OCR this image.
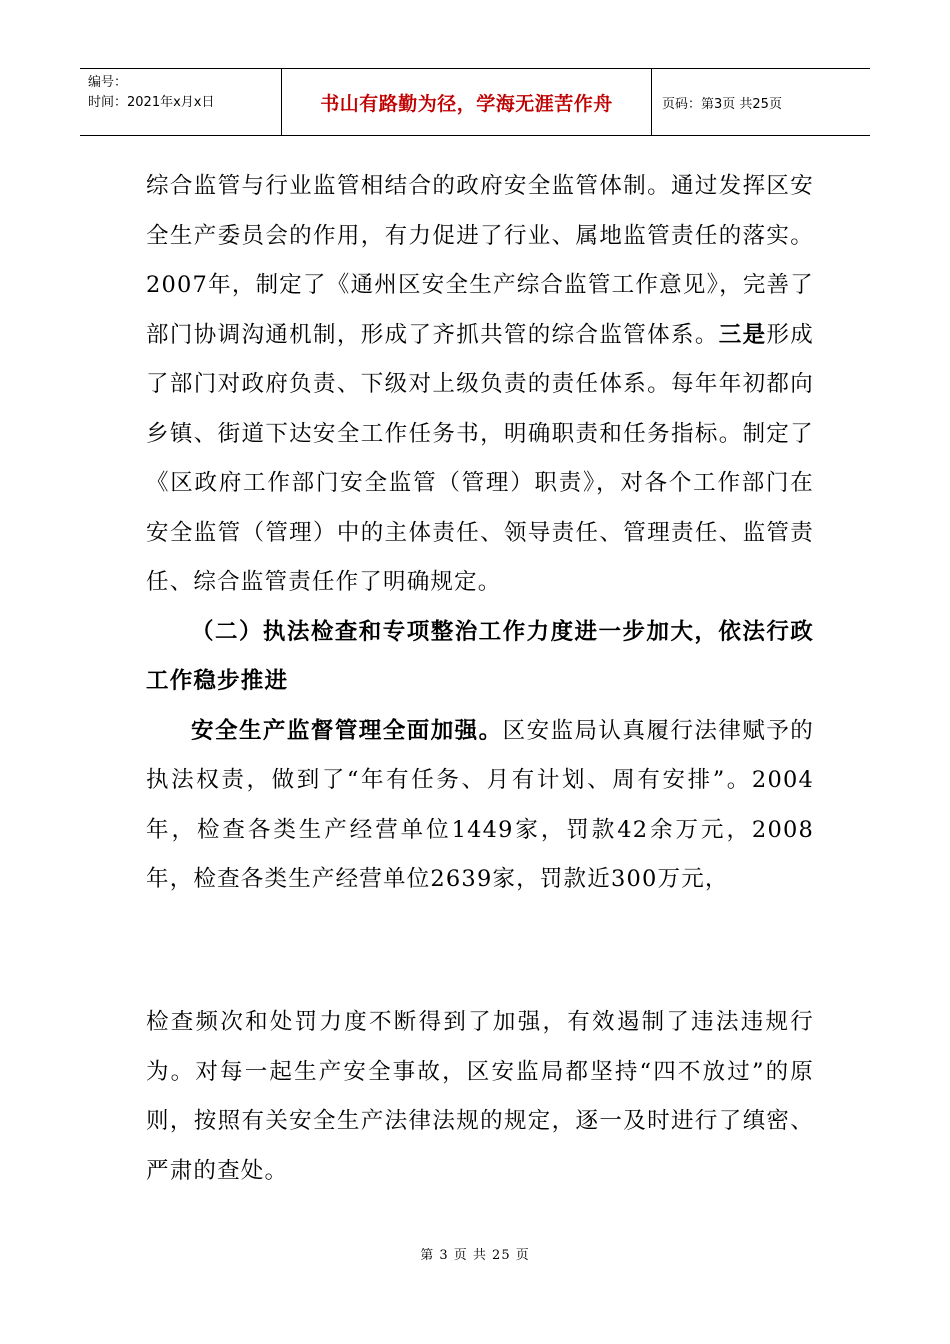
编号：
时间：2021年x月x日	书山有路勤为径，学海无涯苦作舟	页码：第3页 共25页

综合监管与行业监管相结合的政府安全监管体制。通过发挥区安全生产委员会的作用，有力促进了行业、属地监管责任的落实。2007年，制定了《通州区安全生产综合监管工作意见》，完善了部门协调沟通机制，形成了齐抓共管的综合监管体系。三是形成了部门对政府负责、下级对上级负责的责任体系。每年年初都向乡镇、街道下达安全工作任务书，明确职责和任务指标。制定了《区政府工作部门安全监管（管理）职责》，对各个工作部门在安全监管（管理）中的主体责任、领导责任、管理责任、监管责任、综合监管责任作了明确规定。

（二）执法检查和专项整治工作力度进一步加大，依法行政工作稳步推进

安全生产监督管理全面加强。区安监局认真履行法律赋予的执法权责，做到了“年有任务、月有计划、周有安排”。2004年，检查各类生产经营单位1449家，罚款42余万元，2008年，检查各类生产经营单位2639家，罚款近300万元，

检查频次和处罚力度不断得到了加强，有效遏制了违法违规行为。对每一起生产安全事故，区安监局都坚持“四不放过”的原则，按照有关安全生产法律法规的规定，逐一及时进行了缜密、严肃的查处。

第 3 页 共 25 页
